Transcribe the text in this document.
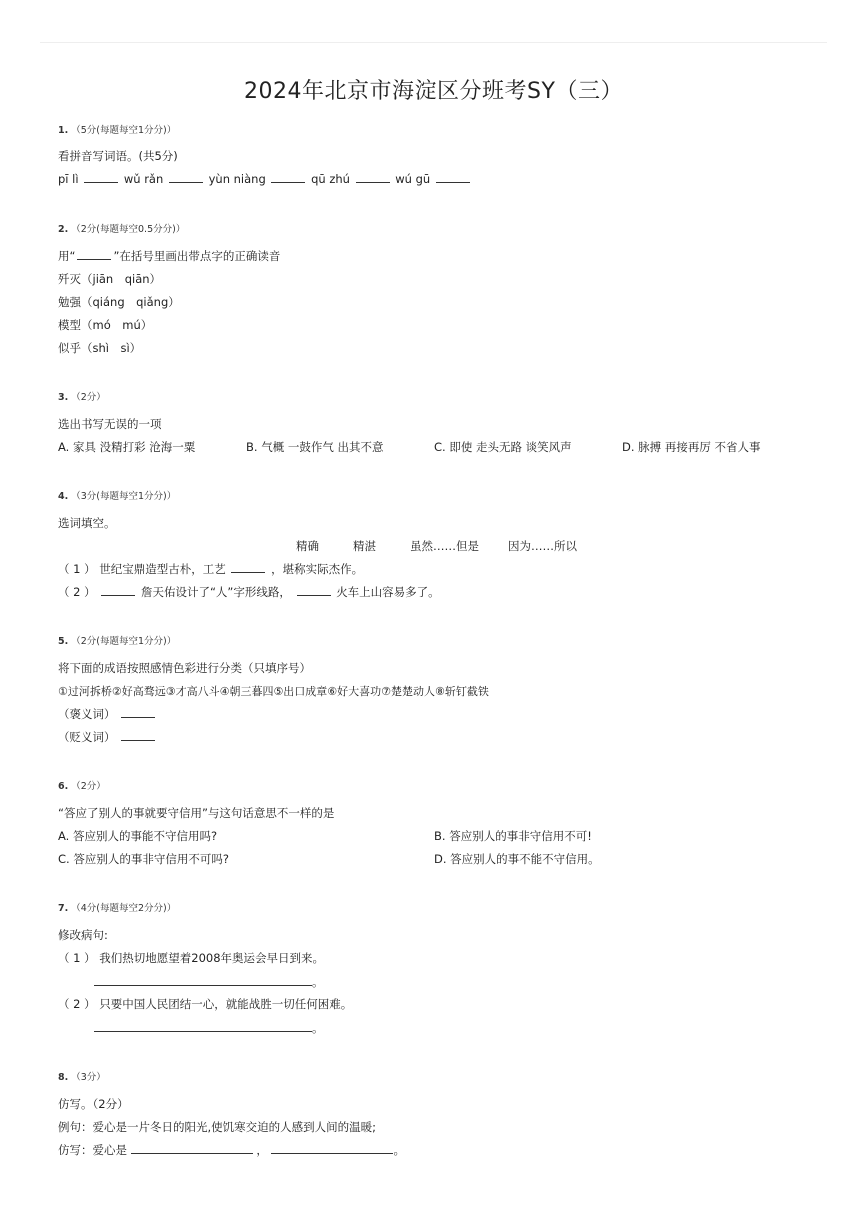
2024年北京市海淀区分班考SY（三）
1. （5分(每题每空1分分)）
看拼音写词语。(共5分)
pī lì	wǔ rǎn	yùn niàng	qū zhú	wú gū
2. （2分(每题每空0.5分分)）
用“	”在括号里画出带点字的正确读音
歼灭（jiān　qiān）
勉强（qiáng　qiǎng）
模型（mó　mú）
似乎（shì　sì）
3. （2分）
选出书写无误的一项
A. 家具 没精打彩 沧海一粟	B. 气概 一鼓作气 出其不意	C. 即使 走头无路 谈笑风声	D. 脉搏 再接再厉 不省人事
4. （3分(每题每空1分分)）
选词填空。
精确	精湛	虽然……但是	因为……所以
（ 1 ） 世纪宝鼎造型古朴，工艺	，堪称实际杰作。
（ 2 ）	詹天佑设计了“人”字形线路，	火车上山容易多了。
5. （2分(每题每空1分分)）
将下面的成语按照感情色彩进行分类（只填序号）
①过河拆桥②好高骛远③才高八斗④朝三暮四⑤出口成章⑥好大喜功⑦楚楚动人⑧斩钉截铁
（褒义词）
（贬义词）
6. （2分）
“答应了别人的事就要守信用”与这句话意思不一样的是
A. 答应别人的事能不守信用吗?	B. 答应别人的事非守信用不可!
C. 答应别人的事非守信用不可吗?	D. 答应别人的事不能不守信用。
7. （4分(每题每空2分分)）
修改病句:
（ 1 ） 我们热切地愿望着2008年奥运会早日到来。
。
（ 2 ） 只要中国人民团结一心，就能战胜一切任何困难。
。
8. （3分）
仿写。（2分）
例句：爱心是一片冬日的阳光,使饥寒交迫的人感到人间的温暖;
仿写：爱心是	，	。
